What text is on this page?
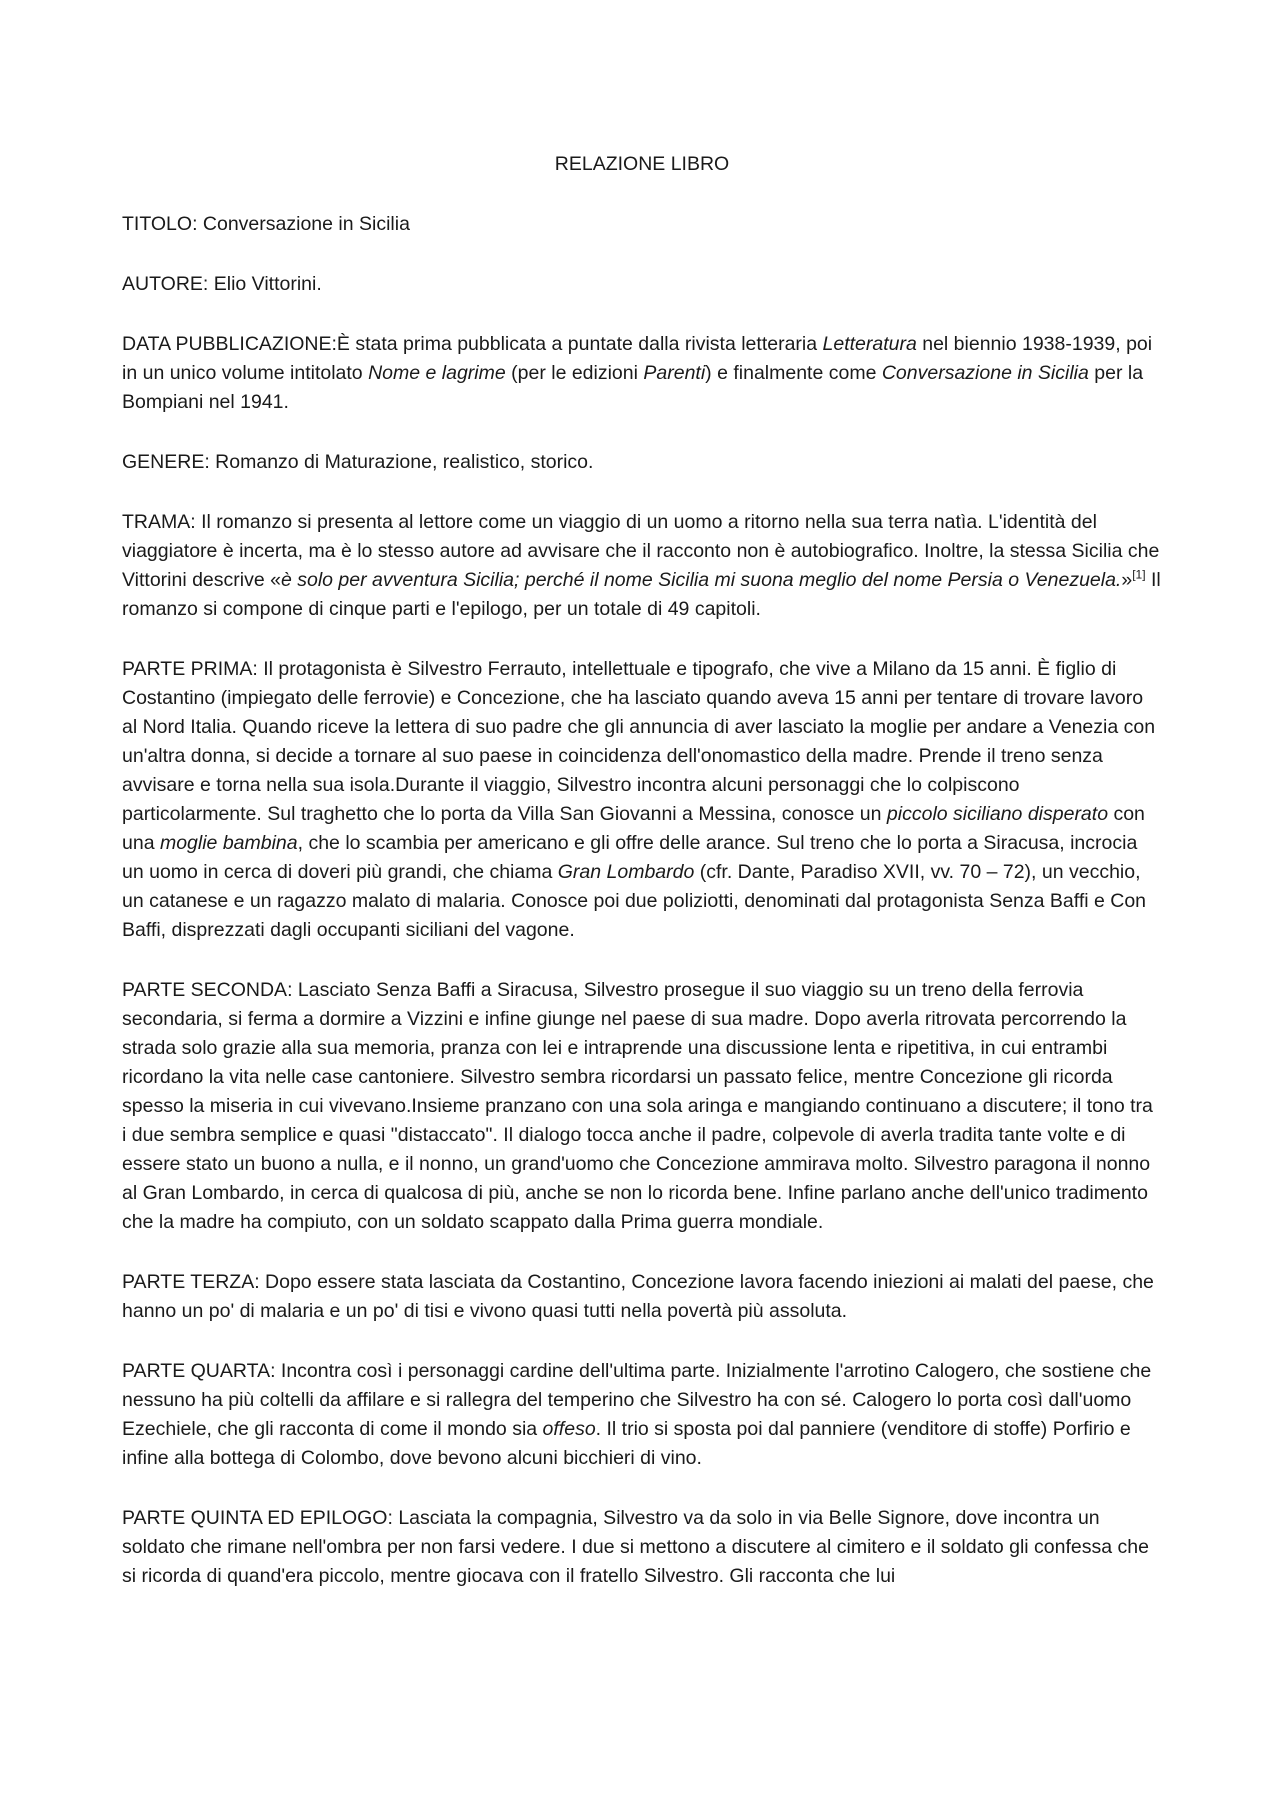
RELAZIONE LIBRO

TITOLO: Conversazione in Sicilia

AUTORE: Elio Vittorini.

DATA PUBBLICAZIONE:È stata prima pubblicata a puntate dalla rivista letteraria Letteratura nel biennio 1938-1939, poi in un unico volume intitolato Nome e lagrime (per le edizioni Parenti) e finalmente come Conversazione in Sicilia per la Bompiani nel 1941.

GENERE: Romanzo di Maturazione, realistico, storico.

TRAMA: Il romanzo si presenta al lettore come un viaggio di un uomo a ritorno nella sua terra natìa. L'identità del viaggiatore è incerta, ma è lo stesso autore ad avvisare che il racconto non è autobiografico. Inoltre, la stessa Sicilia che Vittorini descrive «è solo per avventura Sicilia; perché il nome Sicilia mi suona meglio del nome Persia o Venezuela.»[1] Il romanzo si compone di cinque parti e l'epilogo, per un totale di 49 capitoli.

PARTE PRIMA: Il protagonista è Silvestro Ferrauto, intellettuale e tipografo, che vive a Milano da 15 anni. È figlio di Costantino (impiegato delle ferrovie) e Concezione, che ha lasciato quando aveva 15 anni per tentare di trovare lavoro al Nord Italia. Quando riceve la lettera di suo padre che gli annuncia di aver lasciato la moglie per andare a Venezia con un'altra donna, si decide a tornare al suo paese in coincidenza dell'onomastico della madre. Prende il treno senza avvisare e torna nella sua isola.Durante il viaggio, Silvestro incontra alcuni personaggi che lo colpiscono particolarmente. Sul traghetto che lo porta da Villa San Giovanni a Messina, conosce un piccolo siciliano disperato con una moglie bambina, che lo scambia per americano e gli offre delle arance. Sul treno che lo porta a Siracusa, incrocia un uomo in cerca di doveri più grandi, che chiama Gran Lombardo (cfr. Dante, Paradiso XVII, vv. 70 – 72), un vecchio, un catanese e un ragazzo malato di malaria. Conosce poi due poliziotti, denominati dal protagonista Senza Baffi e Con Baffi, disprezzati dagli occupanti siciliani del vagone.

PARTE SECONDA: Lasciato Senza Baffi a Siracusa, Silvestro prosegue il suo viaggio su un treno della ferrovia secondaria, si ferma a dormire a Vizzini e infine giunge nel paese di sua madre. Dopo averla ritrovata percorrendo la strada solo grazie alla sua memoria, pranza con lei e intraprende una discussione lenta e ripetitiva, in cui entrambi ricordano la vita nelle case cantoniere. Silvestro sembra ricordarsi un passato felice, mentre Concezione gli ricorda spesso la miseria in cui vivevano.Insieme pranzano con una sola aringa e mangiando continuano a discutere; il tono tra i due sembra semplice e quasi "distaccato". Il dialogo tocca anche il padre, colpevole di averla tradita tante volte e di essere stato un buono a nulla, e il nonno, un grand'uomo che Concezione ammirava molto. Silvestro paragona il nonno al Gran Lombardo, in cerca di qualcosa di più, anche se non lo ricorda bene. Infine parlano anche dell'unico tradimento che la madre ha compiuto, con un soldato scappato dalla Prima guerra mondiale.

PARTE TERZA: Dopo essere stata lasciata da Costantino, Concezione lavora facendo iniezioni ai malati del paese, che hanno un po' di malaria e un po' di tisi e vivono quasi tutti nella povertà più assoluta.

PARTE QUARTA: Incontra così i personaggi cardine dell'ultima parte. Inizialmente l'arrotino Calogero, che sostiene che nessuno ha più coltelli da affilare e si rallegra del temperino che Silvestro ha con sé. Calogero lo porta così dall'uomo Ezechiele, che gli racconta di come il mondo sia offeso. Il trio si sposta poi dal panniere (venditore di stoffe) Porfirio e infine alla bottega di Colombo, dove bevono alcuni bicchieri di vino.

PARTE QUINTA ED EPILOGO: Lasciata la compagnia, Silvestro va da solo in via Belle Signore, dove incontra un soldato che rimane nell'ombra per non farsi vedere. I due si mettono a discutere al cimitero e il soldato gli confessa che si ricorda di quand'era piccolo, mentre giocava con il fratello Silvestro. Gli racconta che lui
